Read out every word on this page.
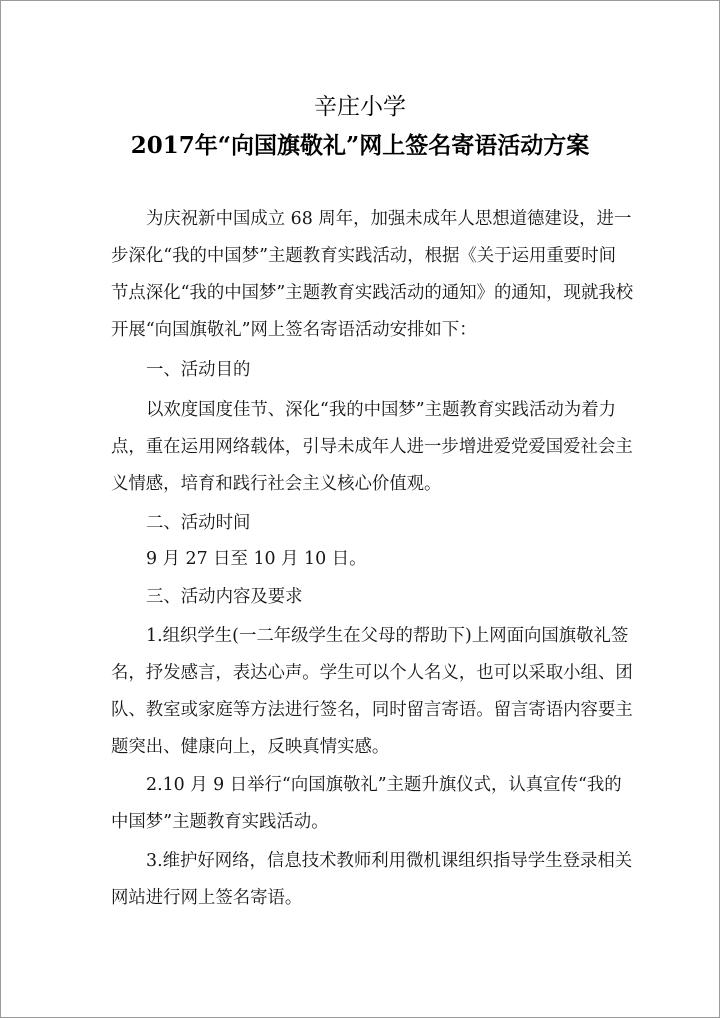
辛庄小学
2017年“向国旗敬礼”网上签名寄语活动方案
为庆祝新中国成立 68 周年，加强未成年人思想道德建设，进一
步深化“我的中国梦”主题教育实践活动，根据《关于运用重要时间
节点深化“我的中国梦”主题教育实践活动的通知》的通知，现就我校
开展“向国旗敬礼”网上签名寄语活动安排如下：
一、活动目的
以欢度国度佳节、深化“我的中国梦”主题教育实践活动为着力
点，重在运用网络载体，引导未成年人进一步增进爱党爱国爱社会主
义情感，培育和践行社会主义核心价值观。
二、活动时间
9 月 27 日至 10 月 10 日。
三、活动内容及要求
1.组织学生(一二年级学生在父母的帮助下)上网面向国旗敬礼签
名，抒发感言，表达心声。学生可以个人名义，也可以采取小组、团
队、教室或家庭等方法进行签名，同时留言寄语。留言寄语内容要主
题突出、健康向上，反映真情实感。
2.10 月 9 日举行“向国旗敬礼”主题升旗仪式，认真宣传“我的
中国梦”主题教育实践活动。
3.维护好网络，信息技术教师利用微机课组织指导学生登录相关
网站进行网上签名寄语。
